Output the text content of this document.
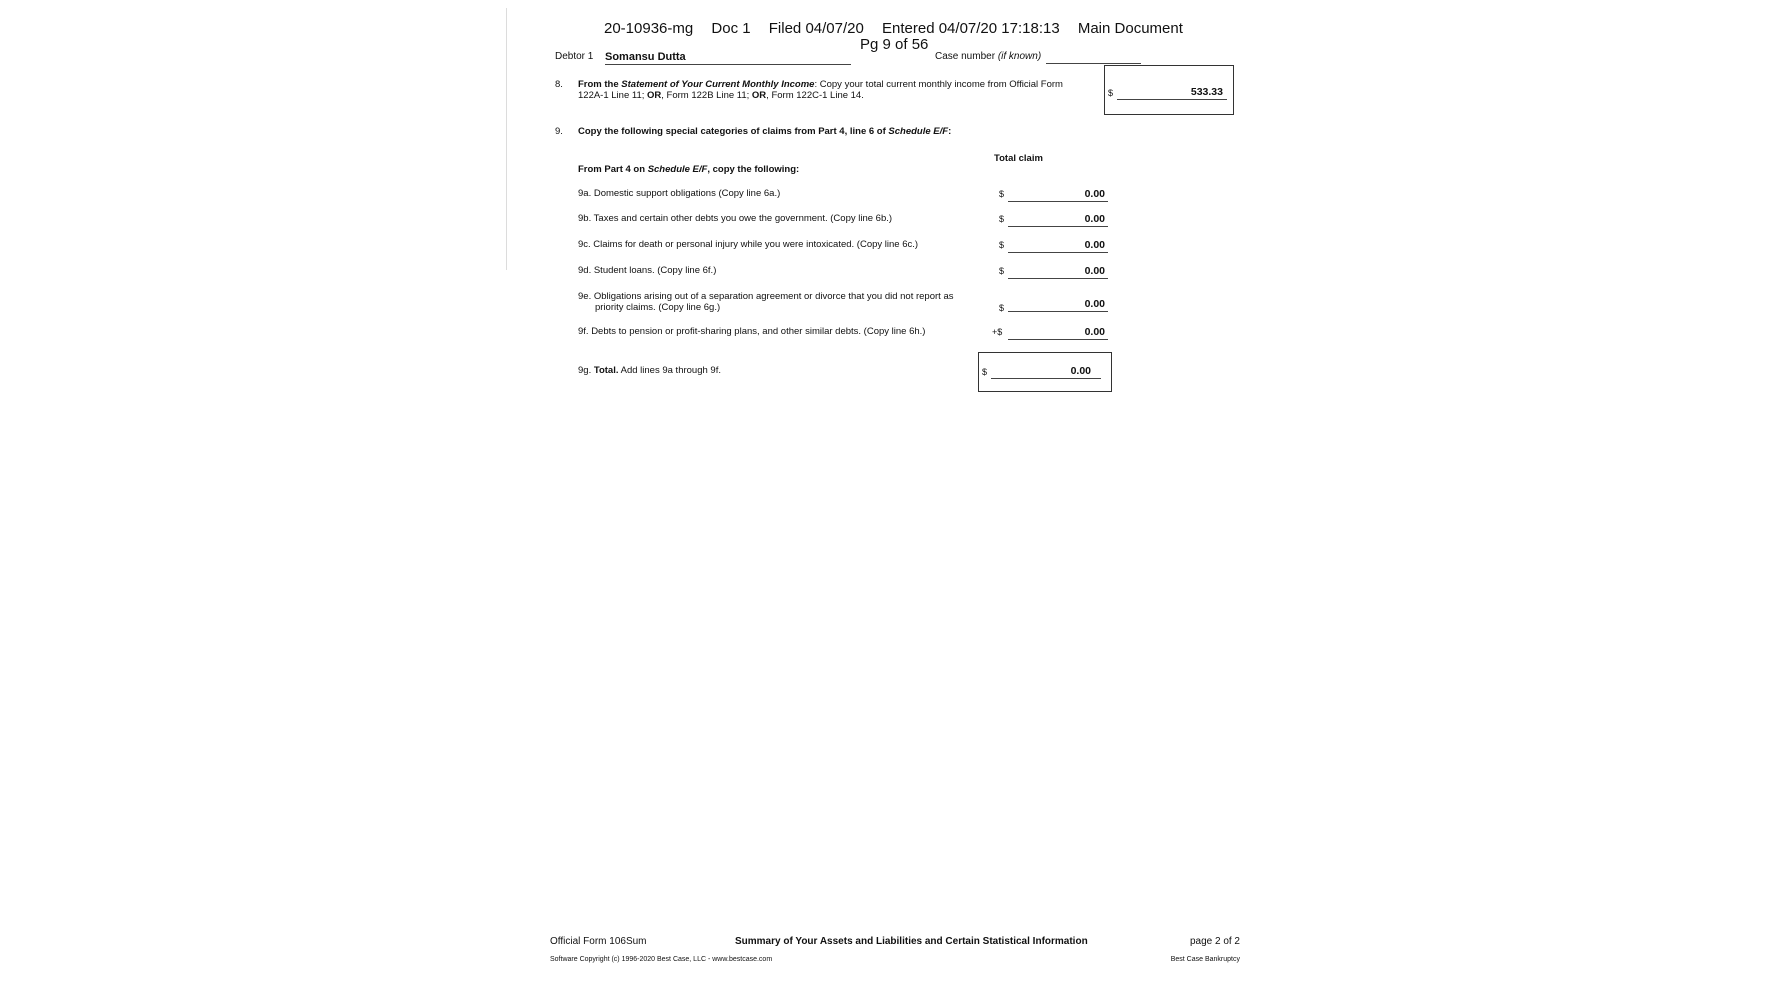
20-10936-mg Doc 1 Filed 04/07/20 Entered 04/07/20 17:18:13 Main Document
Pg 9 of 56
Debtor 1 Somansu Dutta	Case number (if known)
8. From the Statement of Your Current Monthly Income: Copy your total current monthly income from Official Form
122A-1 Line 11; OR, Form 122B Line 11; OR, Form 122C-1 Line 14.	$	533.33
9. Copy the following special categories of claims from Part 4, line 6 of Schedule E/F:
Total claim
From Part 4 on Schedule E/F, copy the following:
9a. Domestic support obligations (Copy line 6a.)	$	0.00
9b. Taxes and certain other debts you owe the government. (Copy line 6b.)	$	0.00
9c. Claims for death or personal injury while you were intoxicated. (Copy line 6c.)	$	0.00
9d. Student loans. (Copy line 6f.)	$	0.00
9e. Obligations arising out of a separation agreement or divorce that you did not report as priority claims. (Copy line 6g.)	$	0.00
9f. Debts to pension or profit-sharing plans, and other similar debts. (Copy line 6h.)	+$	0.00
9g. Total. Add lines 9a through 9f.	$	0.00
Official Form 106Sum	Summary of Your Assets and Liabilities and Certain Statistical Information	page 2 of 2
Software Copyright (c) 1996-2020 Best Case, LLC - www.bestcase.com	Best Case Bankruptcy
